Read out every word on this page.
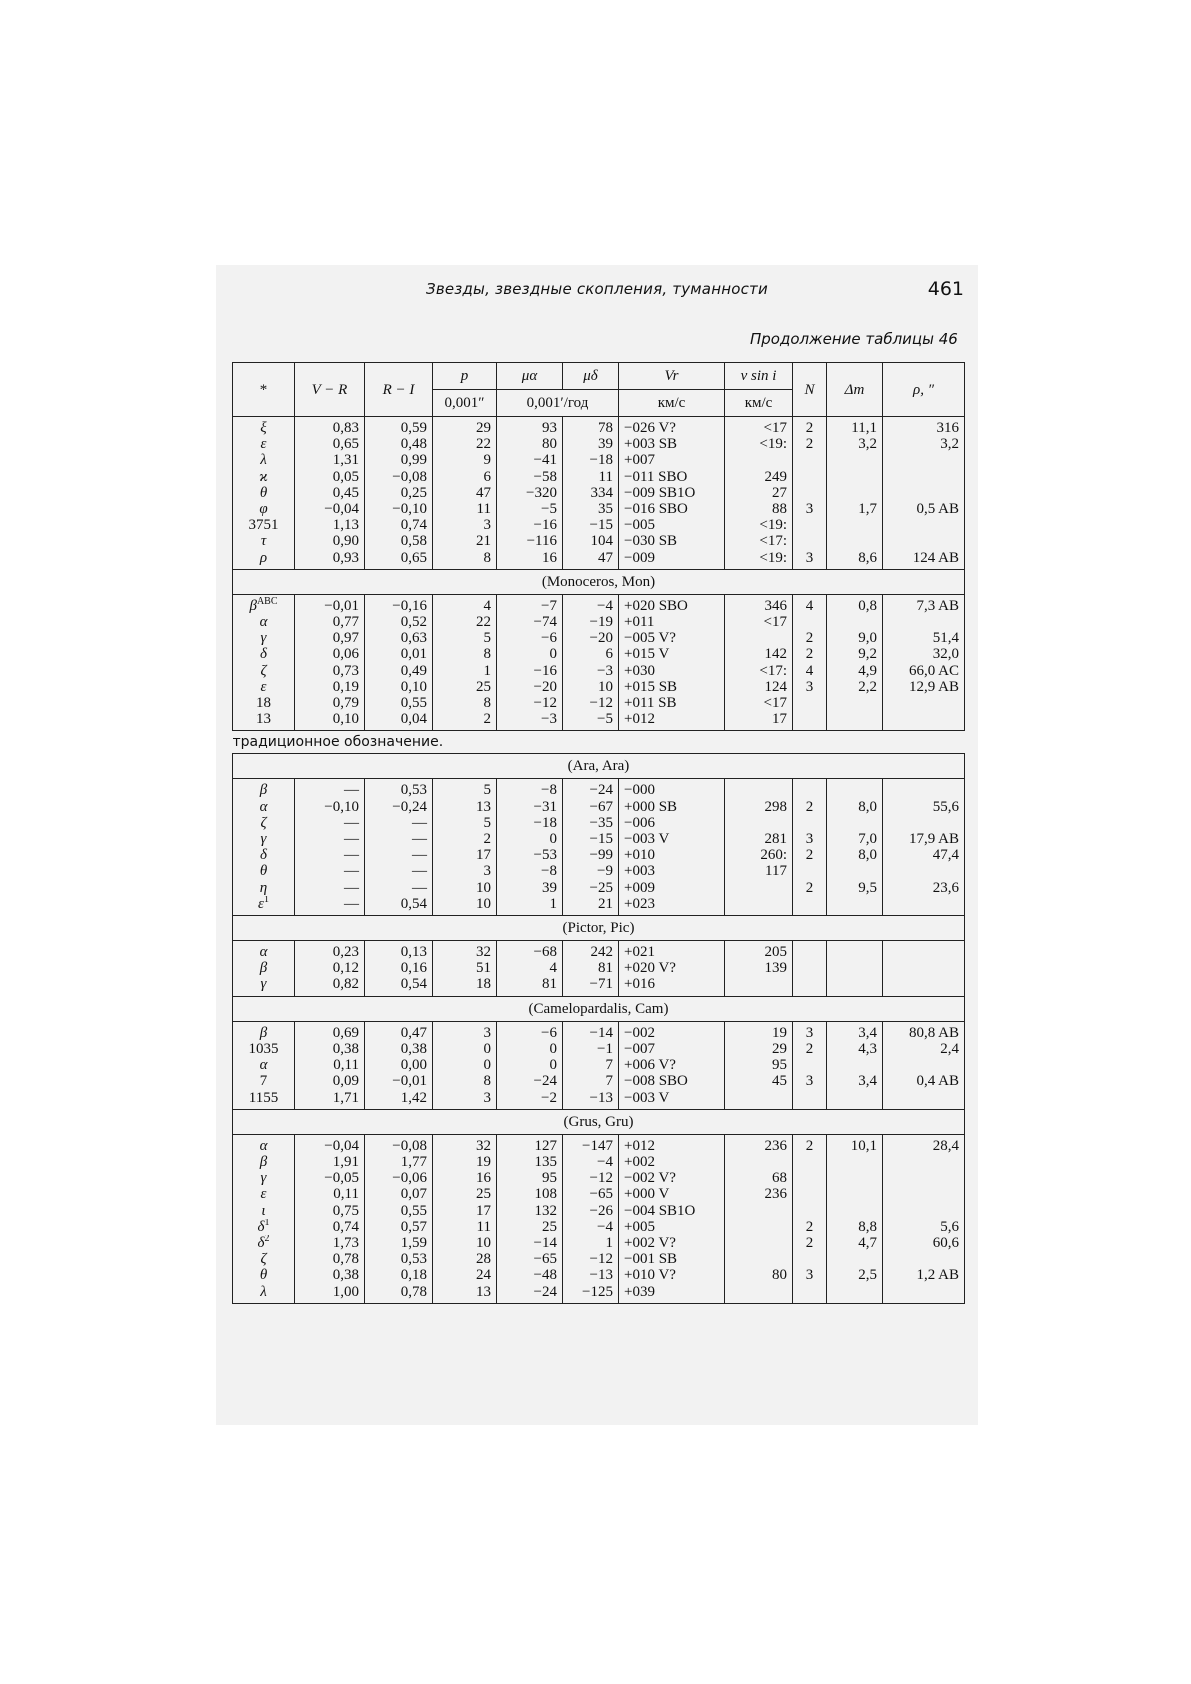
Звезды, звездные скопления, туманности	461
Продолжение таблицы 46
*	V − R	R − I	p	μα	μδ	Vr	v sin i	N	Δm	ρ, ″
			0,001″	0,001′/год		км/с	км/с			
ξ	0,83	0,59	29	93	78	−026 V?	<17	2	11,1	316
ε	0,65	0,48	22	80	39	+003 SB	<19:	2	3,2	3,2
λ	1,31	0,99	9	−41	−18	+007				
ϰ	0,05	−0,08	6	−58	11	−011 SBO	249			
θ	0,45	0,25	47	−320	334	−009 SB1O	27			
φ	−0,04	−0,10	11	−5	35	−016 SBO	88	3	1,7	0,5 AB
3751	1,13	0,74	3	−16	−15	−005	<19:			
τ	0,90	0,58	21	−116	104	−030 SB	<17:			
ρ	0,93	0,65	8	16	47	−009	<19:	3	8,6	124 AB
(Monoceros, Mon)										
$\beta^{ABC}$	−0,01	−0,16	4	−7	−4	+020 SBO	346	4	0,8	7,3 AB
α	0,77	0,52	22	−74	−19	+011	<17			
γ	0,97	0,63	5	−6	−20	−005 V?		2	9,0	51,4
δ	0,06	0,01	8	0	6	+015 V	142	2	9,2	32,0
ζ	0,73	0,49	1	−16	−3	+030	<17:	4	4,9	66,0 AC
ε	0,19	0,10	25	−20	10	+015 SB	124	3	2,2	12,9 AB
18	0,79	0,55	8	−12	−12	+011 SB	<17			
13	0,10	0,04	2	−3	−5	+012	17			
традиционное обозначение.										
(Ara, Ara)										
β	—	0,53	5	−8	−24	−000				
α	−0,10	−0,24	13	−31	−67	+000 SB	298	2	8,0	55,6
ζ	—	—	5	−18	−35	−006				
γ	—	—	2	0	−15	−003 V	281	3	7,0	17,9 AB
δ	—	—	17	−53	−99	+010	260:	2	8,0	47,4
θ	—	—	3	−8	−9	+003	117			
η	—	—	10	39	−25	+009		2	9,5	23,6
$\varepsilon^1$	—	0,54	10	1	21	+023				
(Pictor, Pic)										
α	0,23	0,13	32	−68	242	+021	205			
β	0,12	0,16	51	4	81	+020 V?	139			
γ	0,82	0,54	18	81	−71	+016				
(Camelopardalis, Cam)										
β	0,69	0,47	3	−6	−14	−002	19	3	3,4	80,8 AB
1035	0,38	0,38	0	0	−1	−007	29	2	4,3	2,4
α	0,11	0,00	0	0	7	+006 V?	95			
7	0,09	−0,01	8	−24	7	−008 SBO	45	3	3,4	0,4 AB
1155	1,71	1,42	3	−2	−13	−003 V				
(Grus, Gru)										
α	−0,04	−0,08	32	127	−147	+012	236	2	10,1	28,4
β	1,91	1,77	19	135	−4	+002				
γ	−0,05	−0,06	16	95	−12	−002 V?	68			
ε	0,11	0,07	25	108	−65	+000 V	236			
ι	0,75	0,55	17	132	−26	−004 SB1O				
$\delta^1$	0,74	0,57	11	25	−4	+005		2	8,8	5,6
$\delta^2$	1,73	1,59	10	−14	1	+002 V?		2	4,7	60,6
ζ	0,78	0,53	28	−65	−12	−001 SB				
θ	0,38	0,18	24	−48	−13	+010 V?	80	3	2,5	1,2 AB
λ	1,00	0,78	13	−24	−125	+039				
